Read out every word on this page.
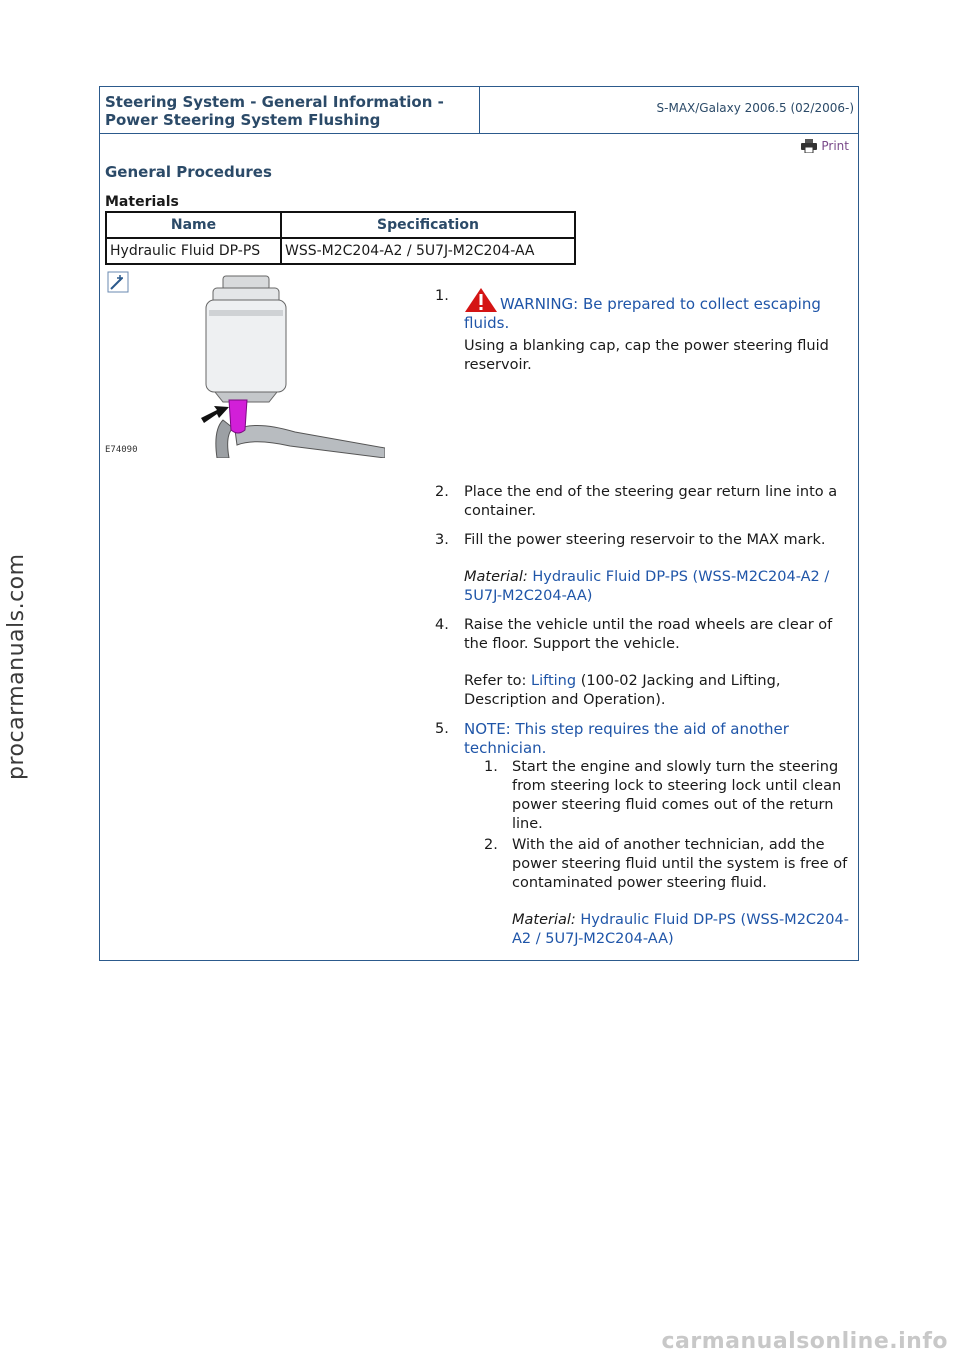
Steering System - General Information -
Power Steering System Flushing
S-MAX/Galaxy 2006.5 (02/2006-)
Print
General Procedures
Materials
Name	Specification
Hydraulic Fluid DP-PS	WSS-M2C204-A2 / 5U7J-M2C204-AA
E74090
1.	WARNING: Be prepared to collect escaping fluids.
Using a blanking cap, cap the power steering fluid reservoir.
2. Place the end of the steering gear return line into a container.
3. Fill the power steering reservoir to the MAX mark.
Material: Hydraulic Fluid DP-PS (WSS-M2C204-A2 / 5U7J-M2C204-AA)
4. Raise the vehicle until the road wheels are clear of the floor. Support the vehicle.
Refer to: Lifting (100-02 Jacking and Lifting, Description and Operation).
5. NOTE: This step requires the aid of another technician.
1. Start the engine and slowly turn the steering from steering lock to steering lock until clean power steering fluid comes out of the return line.
2. With the aid of another technician, add the power steering fluid until the system is free of contaminated power steering fluid.
Material: Hydraulic Fluid DP-PS (WSS-M2C204-A2 / 5U7J-M2C204-AA)
procarmanuals.com
carmanualsonline.info
